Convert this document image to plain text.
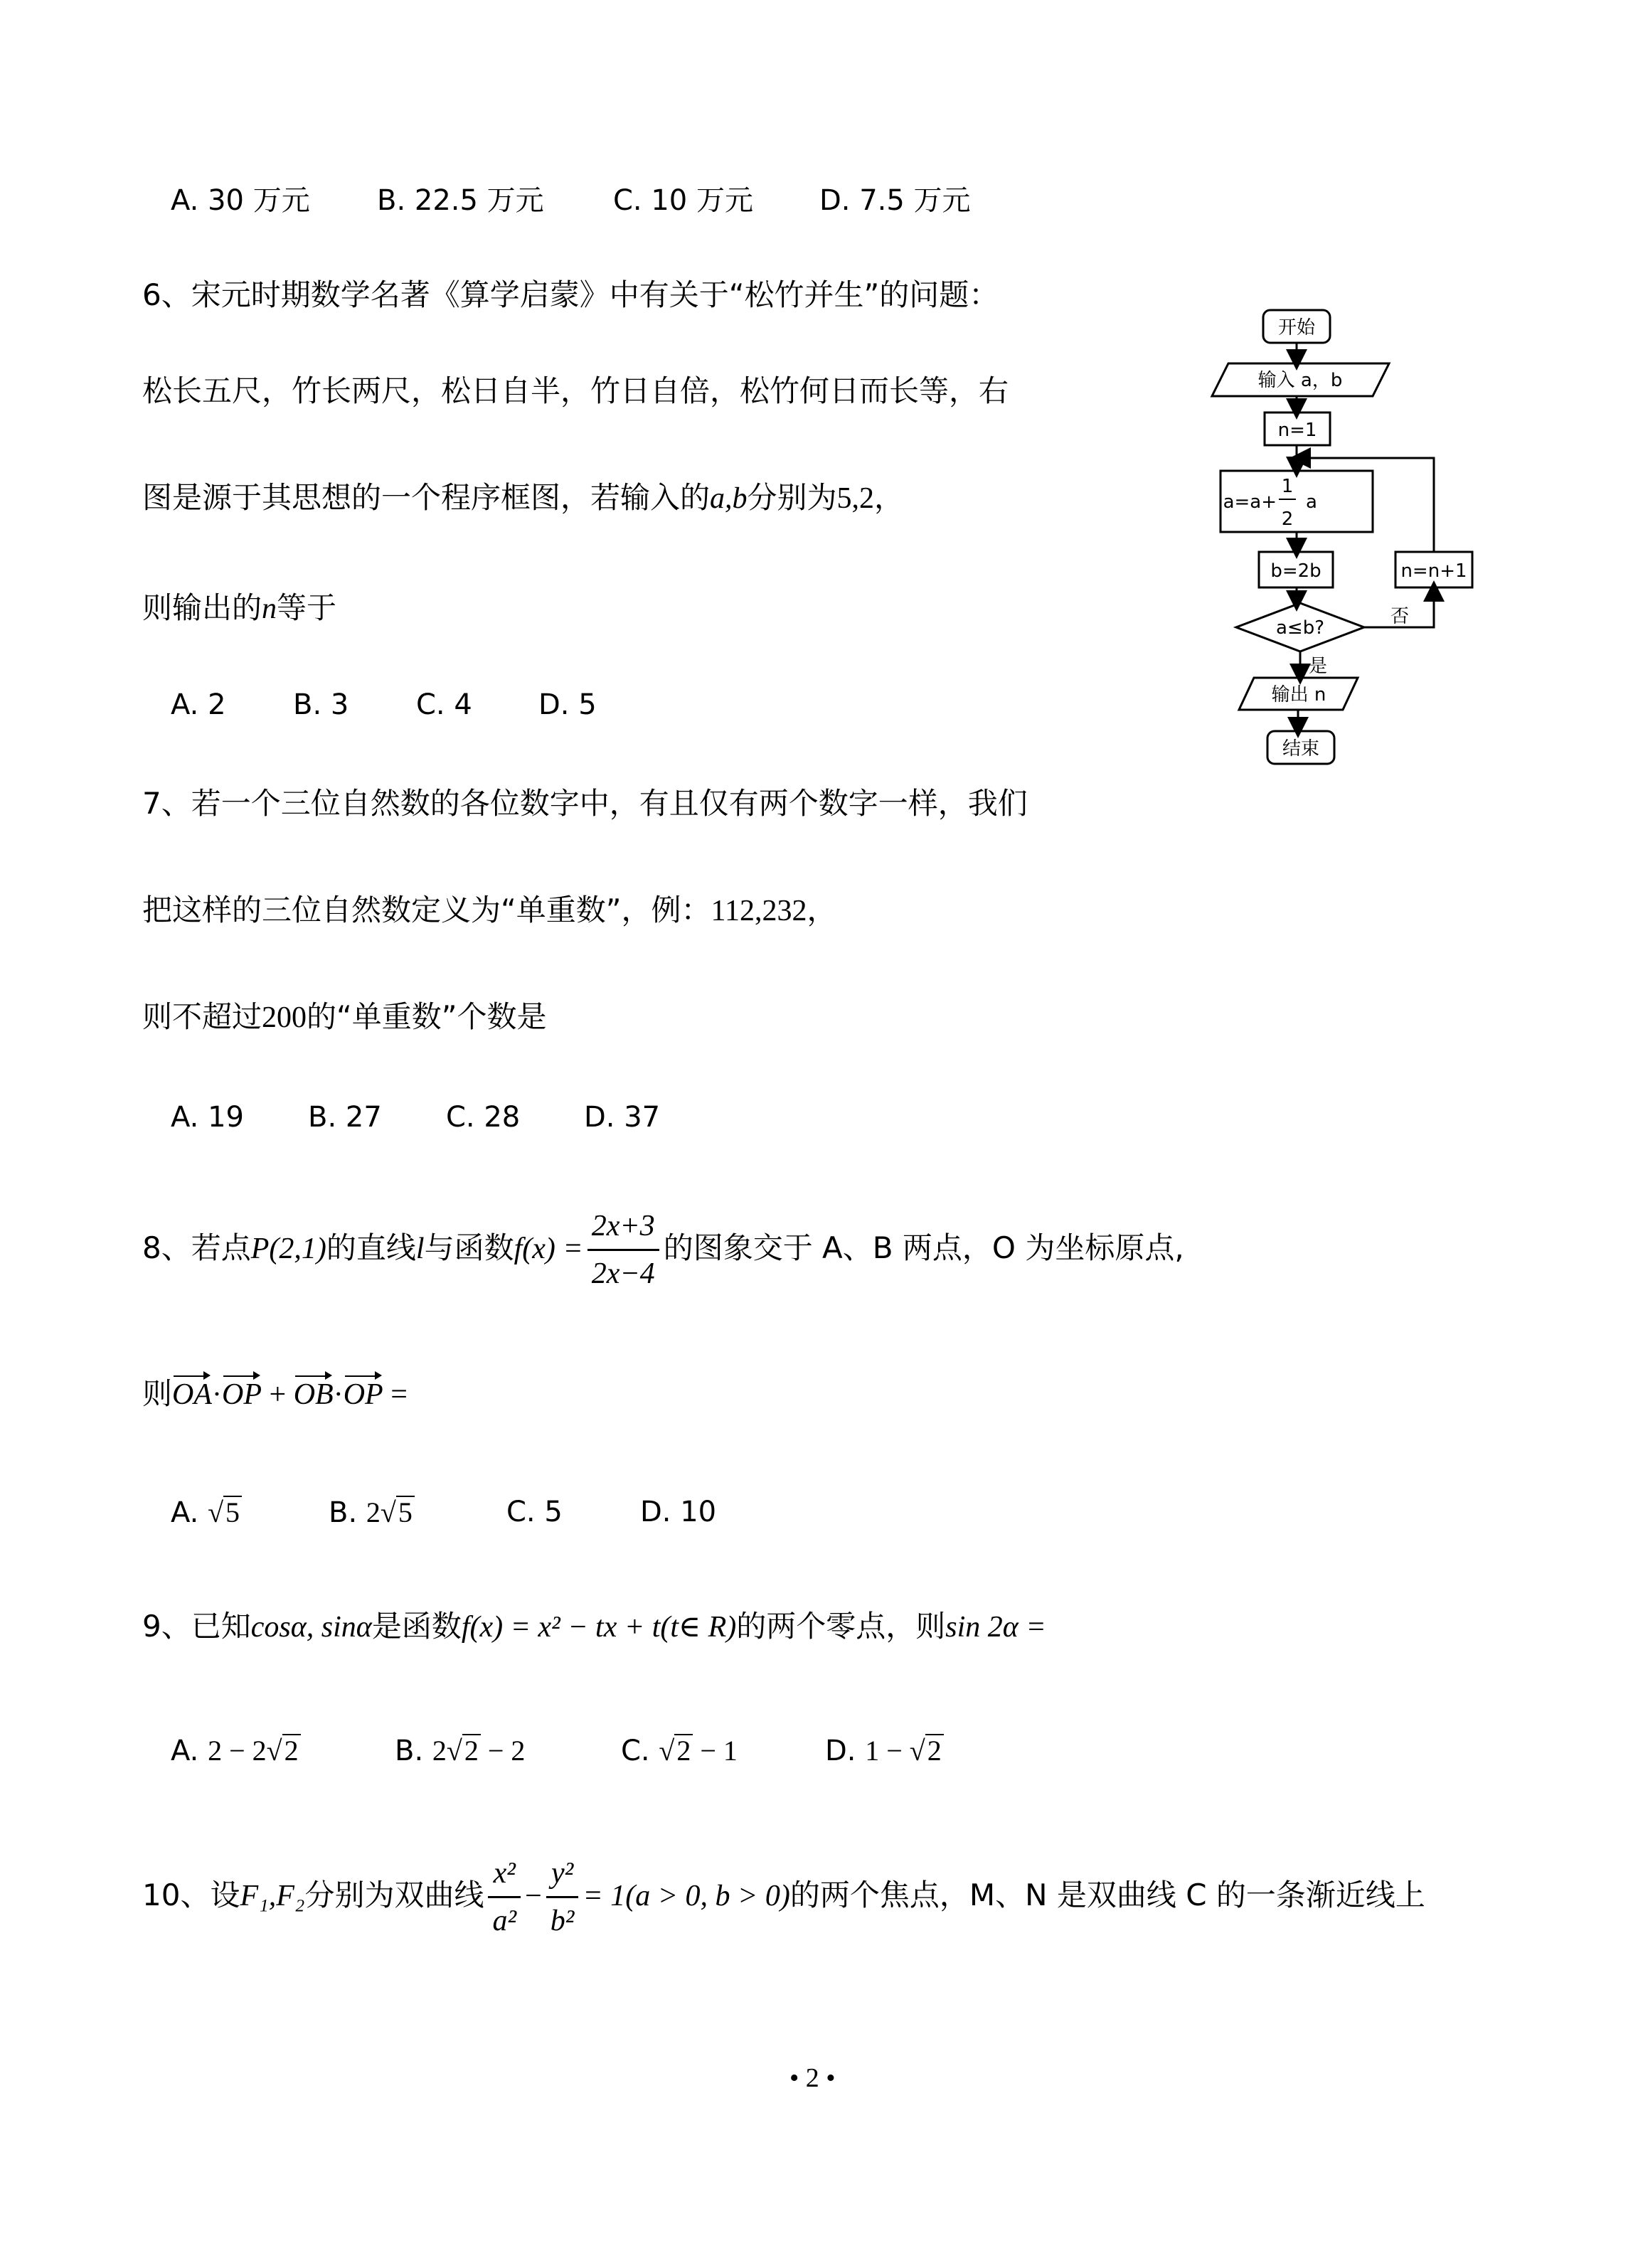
A. 30 万元 B. 22.5 万元 C. 10 万元 D. 7.5 万元
6、宋元时期数学名著《算学启蒙》中有关于“松竹并生”的问题：
松长五尺，竹长两尺，松日自半，竹日自倍，松竹何日而长等，右
图是源于其思想的一个程序框图，若输入的a,b分别为5,2，
则输出的n等于
A. 2 B. 3 C. 4 D. 5
开始
输入 a，b
n=1
a=a+
1
2
a
b=2b
a≤b?
n=n+1
否
是
输出 n
结束
7、若一个三位自然数的各位数字中，有且仅有两个数字一样，我们
把这样的三位自然数定义为“单重数”，例：112,232，
则不超过200的“单重数”个数是
A. 19 B. 27 C. 28 D. 37
8、若点P(2,1)的直线l与函数$f(x) = \frac{2x+3}{2x-4}$ 的图象交于 A、B 两点，O 为坐标原点,
则OA·OP + OB·OP =
A. √5	B. 2√5	C. 5	D. 10
9、已知cosα, sinα是函数f(x) = x² − tx + t(t∈ R)的两个零点，则sin 2α =
A. 2 − 2√2	B. 2√2 − 2	C. √2 − 1	D. 1 − √2
10、设F₁,F₂分别为双曲线 $\frac{\text{x²}}{\text{a²}} - \frac{\text{y²}}{\text{b²}} = 1(a > 0$, b > 0)的两个焦点，M、N 是双曲线 C 的一条渐近线上
• 2 •
